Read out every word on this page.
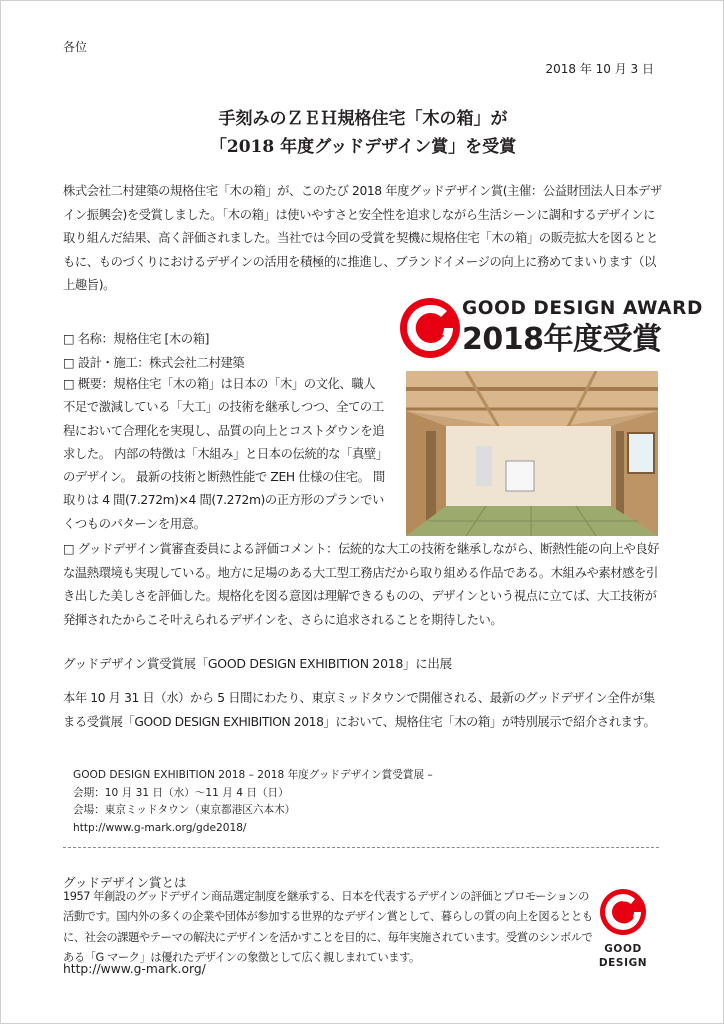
各位
2018 年 10 月 3 日
手刻みのＺＥＨ規格住宅「木の箱」が
「2018 年度グッドデザイン賞」を受賞

株式会社二村建築の規格住宅「木の箱」が、このたび 2018 年度グッドデザイン賞(主催：公益財団法人日本デザイン振興会)を受賞しました。「木の箱」は使いやすさと安全性を追求しながら生活シーンに調和するデザインに取り組んだ結果、高く評価されました。当社では今回の受賞を契機に規格住宅「木の箱」の販売拡大を図るとともに、ものづくりにおけるデザインの活用を積極的に推進し、ブランドイメージの向上に務めてまいります（以上趣旨)。

GOOD DESIGN AWARD
2018年度受賞

□ 名称：規格住宅 [木の箱]

□ 設計・施工：株式会社二村建築

□ 概要：規格住宅「木の箱」は日本の「木」の文化、職人不足で激減している「大工」の技術を継承しつつ、全ての工程において合理化を実現し、品質の向上とコストダウンを追求した。 内部の特徴は「木組み」と日本の伝統的な「真壁」のデザイン。 最新の技術と断熱性能で ZEH 仕様の住宅。 間取りは 4 間(7.272m)×4 間(7.272m)の正方形のプランでいくつものパターンを用意。

□ グッドデザイン賞審査委員による評価コメント：伝統的な大工の技術を継承しながら、断熱性能の向上や良好な温熱環境も実現している。地方に足場のある大工型工務店だから取り組める作品である。木組みや素材感を引き出した美しさを評価した。規格化を図る意図は理解できるものの、デザインという視点に立てば、大工技術が発揮されたからこそ叶えられるデザインを、さらに追求されることを期待したい。

グッドデザイン賞受賞展「GOOD DESIGN EXHIBITION 2018」に出展

本年 10 月 31 日（水）から 5 日間にわたり、東京ミッドタウンで開催される、最新のグッドデザイン全件が集まる受賞展「GOOD DESIGN EXHIBITION 2018」において、規格住宅「木の箱」が特別展示で紹介されます。

GOOD DESIGN EXHIBITION 2018 – 2018 年度グッドデザイン賞受賞展 –
会期：10 月 31 日（水）～11 月 4 日（日）
会場：東京ミッドタウン（東京都港区六本木）
http://www.g-mark.org/gde2018/
グッドデザイン賞とは

1957 年創設のグッドデザイン商品選定制度を継承する、日本を代表するデザインの評価とプロモーションの活動です。国内外の多くの企業や団体が参加する世界的なデザイン賞として、暮らしの質の向上を図るとともに、社会の課題やテーマの解決にデザインを活かすことを目的に、毎年実施されています。受賞のシンボルである「G マーク」は優れたデザインの象徴として広く親しまれています。

http://www.g-mark.org/
GOOD
DESIGN
